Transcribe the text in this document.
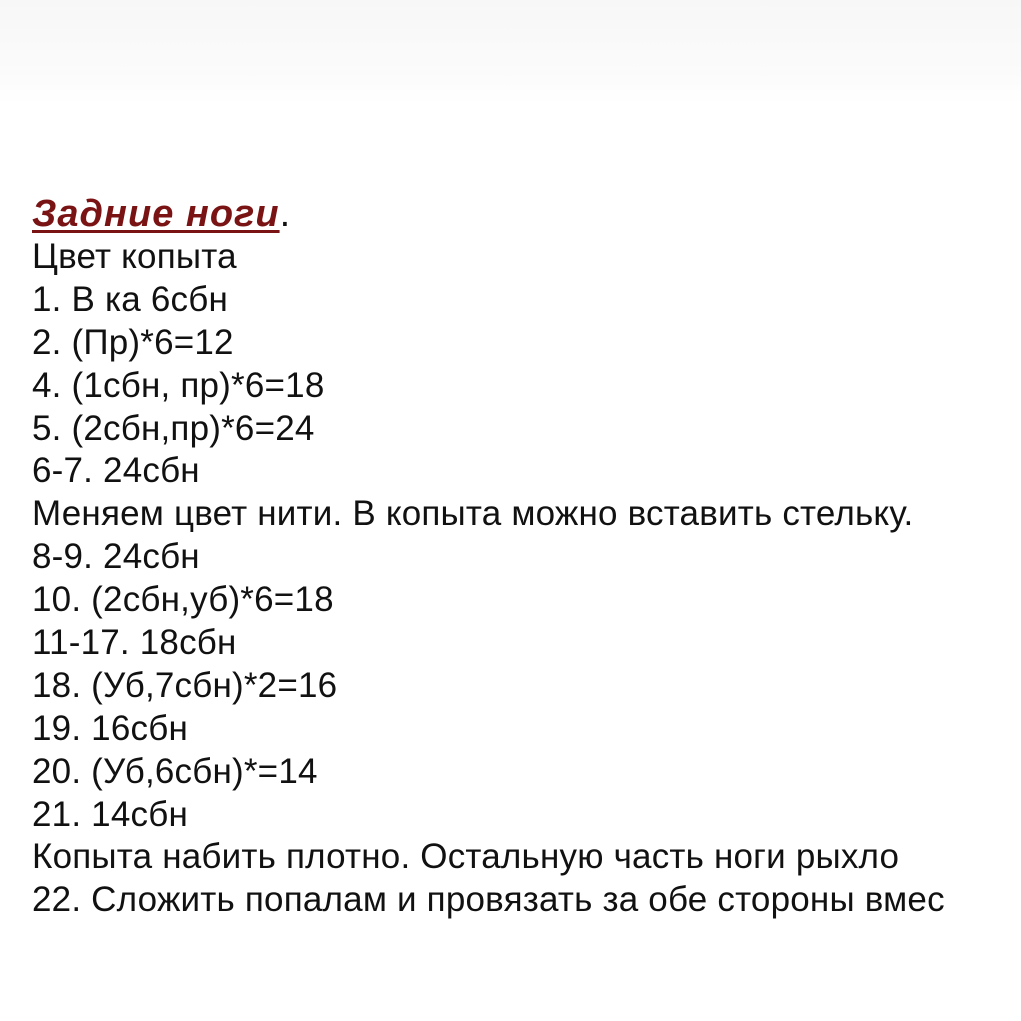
Задние ноги.
Цвет копыта
1. В ка 6сбн
2. (Пр)*6=12
4. (1сбн, пр)*6=18
5. (2сбн,пр)*6=24
6-7. 24сбн
Меняем цвет нити. В копыта можно вставить стельку.
8-9. 24сбн
10. (2сбн,уб)*6=18
11-17. 18сбн
18. (Уб,7сбн)*2=16
19. 16сбн
20. (Уб,6сбн)*=14
21. 14сбн
Копыта набить плотно. Остальную часть ноги рыхло
22. Сложить попалам и провязать за обе стороны вмес
